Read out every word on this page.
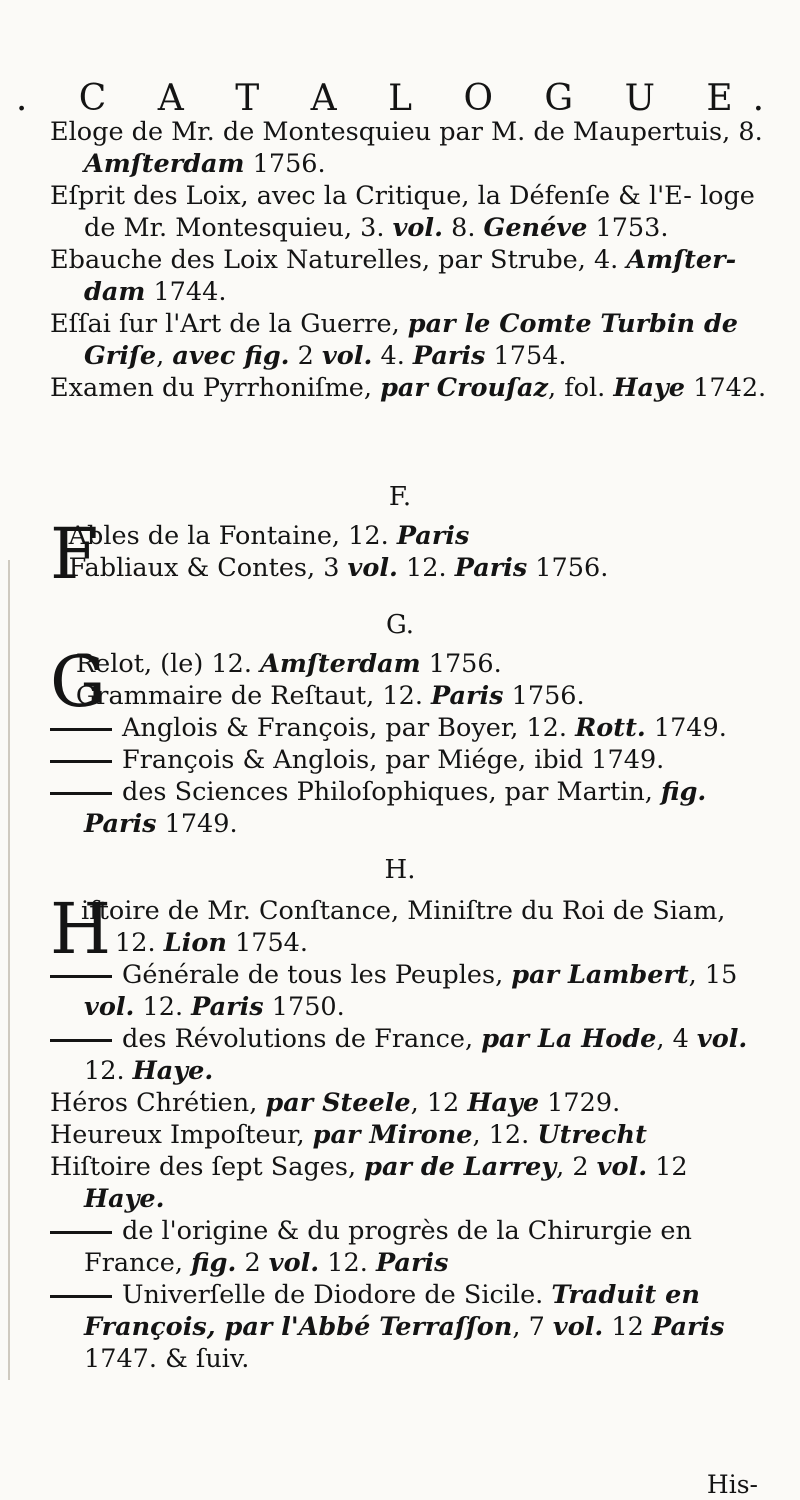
. C A T A L O G U E.

Eloge de Mr. de Montesquieu par M. de Maupertuis, 8. Amſterdam 1756.

Eſprit des Loix, avec la Critique, la Défenſe & l'E- loge de Mr. Montesquieu, 3. vol. 8. Genéve 1753.

Ebauche des Loix Naturelles, par Strube, 4. Amſter- dam 1744.

Eſſai ſur l'Art de la Guerre, par le Comte Turbin de Griſe, avec fig. 2 vol. 4. Paris 1754.

Examen du Pyrrhoniſme, par Crouſaz, fol. Haye 1742.

F.
F

Ables de la Fontaine, 12. Paris

Fabliaux & Contes, 3 vol. 12. Paris 1756.

G.
G

Relot, (le) 12. Amſterdam 1756.

Grammaire de Reſtaut, 12. Paris 1756.

Anglois & François, par Boyer, 12. Rott. 1749.

François & Anglois, par Miége, ibid 1749.

des Sciences Philoſophiques, par Martin, fig. Paris 1749.

H.
H

iſtoire de Mr. Conſtance, Miniſtre du Roi de Siam, 12. Lion 1754.

Générale de tous les Peuples, par Lambert, 15 vol. 12. Paris 1750.

des Révolutions de France, par La Hode, 4 vol. 12. Haye.

Héros Chrétien, par Steele, 12 Haye 1729.

Heureux Impoſteur, par Mirone, 12. Utrecht

Hiſtoire des ſept Sages, par de Larrey, 2 vol. 12 Haye.

de l'origine & du progrès de la Chirurgie en France, fig. 2 vol. 12. Paris

Univerſelle de Diodore de Sicile. Traduit en François, par l'Abbé Terraſſon, 7 vol. 12 Paris 1747. & ſuiv.

His-
